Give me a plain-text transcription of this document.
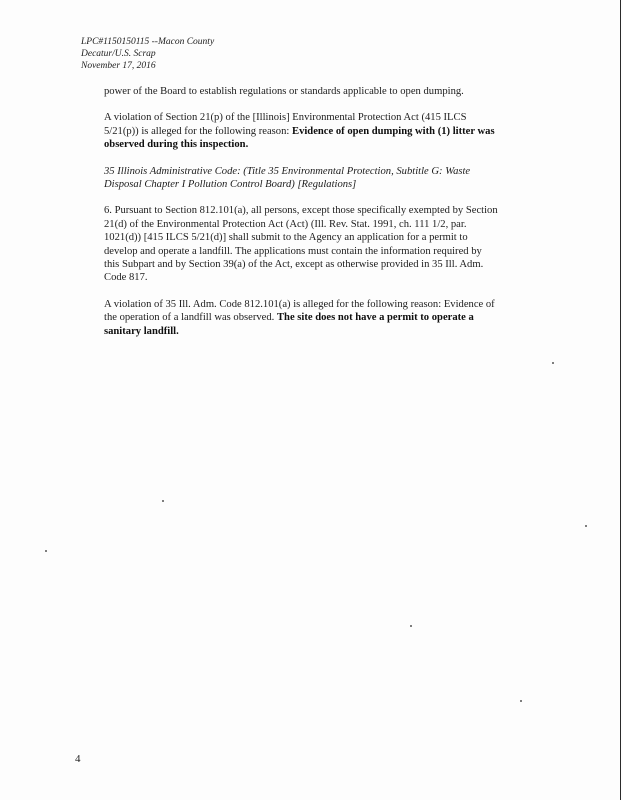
LPC#1150150115 --Macon County
Decatur/U.S. Scrap
November 17, 2016

power of the Board to establish regulations or standards applicable to open dumping.

A violation of Section 21(p) of the [Illinois] Environmental Protection Act (415 ILCS 5/21(p)) is alleged for the following reason: Evidence of open dumping with (1) litter was observed during this inspection.

35 Illinois Administrative Code: (Title 35 Environmental Protection, Subtitle G: Waste Disposal Chapter I Pollution Control Board) [Regulations]

6. Pursuant to Section 812.101(a), all persons, except those specifically exempted by Section 21(d) of the Environmental Protection Act (Act) (Ill. Rev. Stat. 1991, ch. 111 1/2, par. 1021(d)) [415 ILCS 5/21(d)] shall submit to the Agency an application for a permit to develop and operate a landfill. The applications must contain the information required by this Subpart and by Section 39(a) of the Act, except as otherwise provided in 35 Ill. Adm. Code 817.

A violation of 35 Ill. Adm. Code 812.101(a) is alleged for the following reason: Evidence of the operation of a landfill was observed. The site does not have a permit to operate a sanitary landfill.

4
